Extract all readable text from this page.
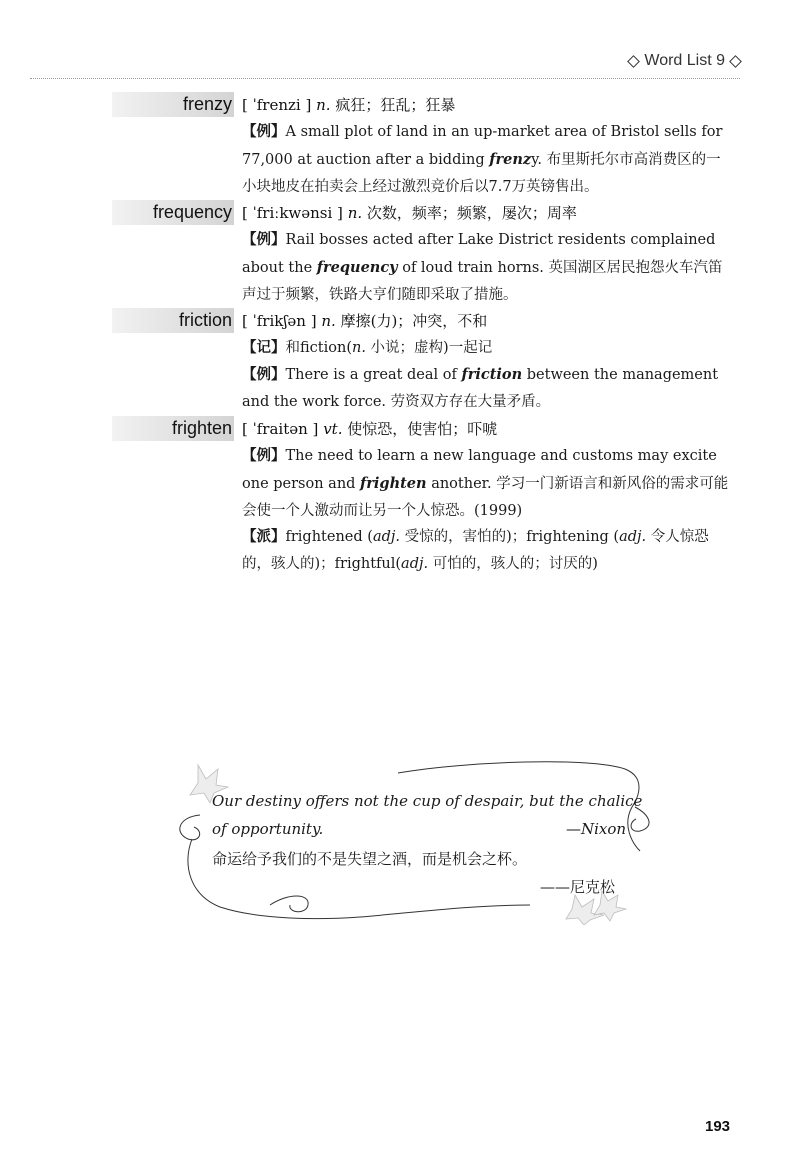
Word List 9
frenzy [ ˈfrenzi ] n. 疯狂；狂乱；狂暴
【例】A small plot of land in an up-market area of Bristol sells for 77,000 at auction after a bidding frenzy. 布里斯托尔市高消费区的一小块地皮在拍卖会上经过激烈竞价后以7.7万英镑售出。
frequency [ ˈfriːkwənsi ] n. 次数，频率；频繁，屡次；周率
【例】Rail bosses acted after Lake District residents complained about the frequency of loud train horns. 英国湖区居民抱怨火车汽笛声过于频繁，铁路大亨们随即采取了措施。
friction [ ˈfrikʃən ] n. 摩擦(力)；冲突，不和
【记】和fiction(n. 小说；虚构)一起记
【例】There is a great deal of friction between the management and the work force. 劳资双方存在大量矛盾。
frighten [ ˈfraitən ] vt. 使惊恐，使害怕；吓唬
【例】The need to learn a new language and customs may excite one person and frighten another. 学习一门新语言和新风俗的需求可能会使一个人激动而让另一个人惊恐。(1999)
【派】frightened (adj. 受惊的，害怕的)；frightening (adj. 令人惊恐的，骇人的)；frightful(adj. 可怕的，骇人的；讨厌的)
Our destiny offers not the cup of despair, but the chalice
of opportunity.	—Nixon
命运给予我们的不是失望之酒，而是机会之杯。
——尼克松
193
